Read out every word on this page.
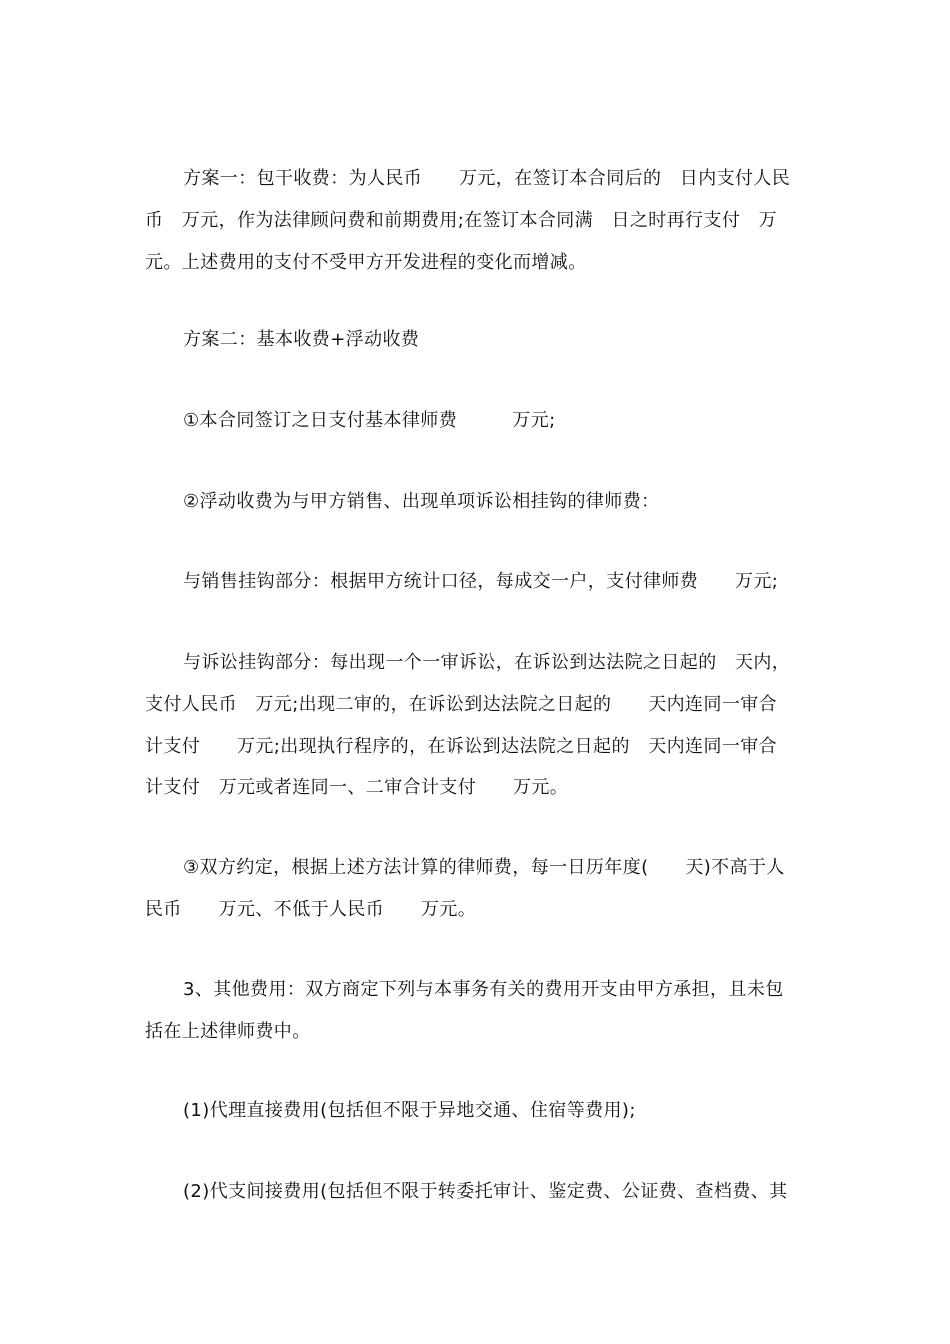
方案一：包干收费：为人民币　　万元，在签订本合同后的　日内支付人民
币　万元，作为法律顾问费和前期费用;在签订本合同满　日之时再行支付　万
元。上述费用的支付不受甲方开发进程的变化而增减。
方案二：基本收费+浮动收费
①本合同签订之日支付基本律师费　　　万元;
②浮动收费为与甲方销售、出现单项诉讼相挂钩的律师费：
与销售挂钩部分：根据甲方统计口径，每成交一户，支付律师费　　万元;
与诉讼挂钩部分：每出现一个一审诉讼，在诉讼到达法院之日起的　天内，
支付人民币　万元;出现二审的，在诉讼到达法院之日起的　　天内连同一审合
计支付　　万元;出现执行程序的，在诉讼到达法院之日起的　天内连同一审合
计支付　万元或者连同一、二审合计支付　　万元。
③双方约定，根据上述方法计算的律师费，每一日历年度(　　天)不高于人
民币　　万元、不低于人民币　　万元。
3、其他费用：双方商定下列与本事务有关的费用开支由甲方承担，且未包
括在上述律师费中。
(1)代理直接费用(包括但不限于异地交通、住宿等费用);
(2)代支间接费用(包括但不限于转委托审计、鉴定费、公证费、查档费、其
